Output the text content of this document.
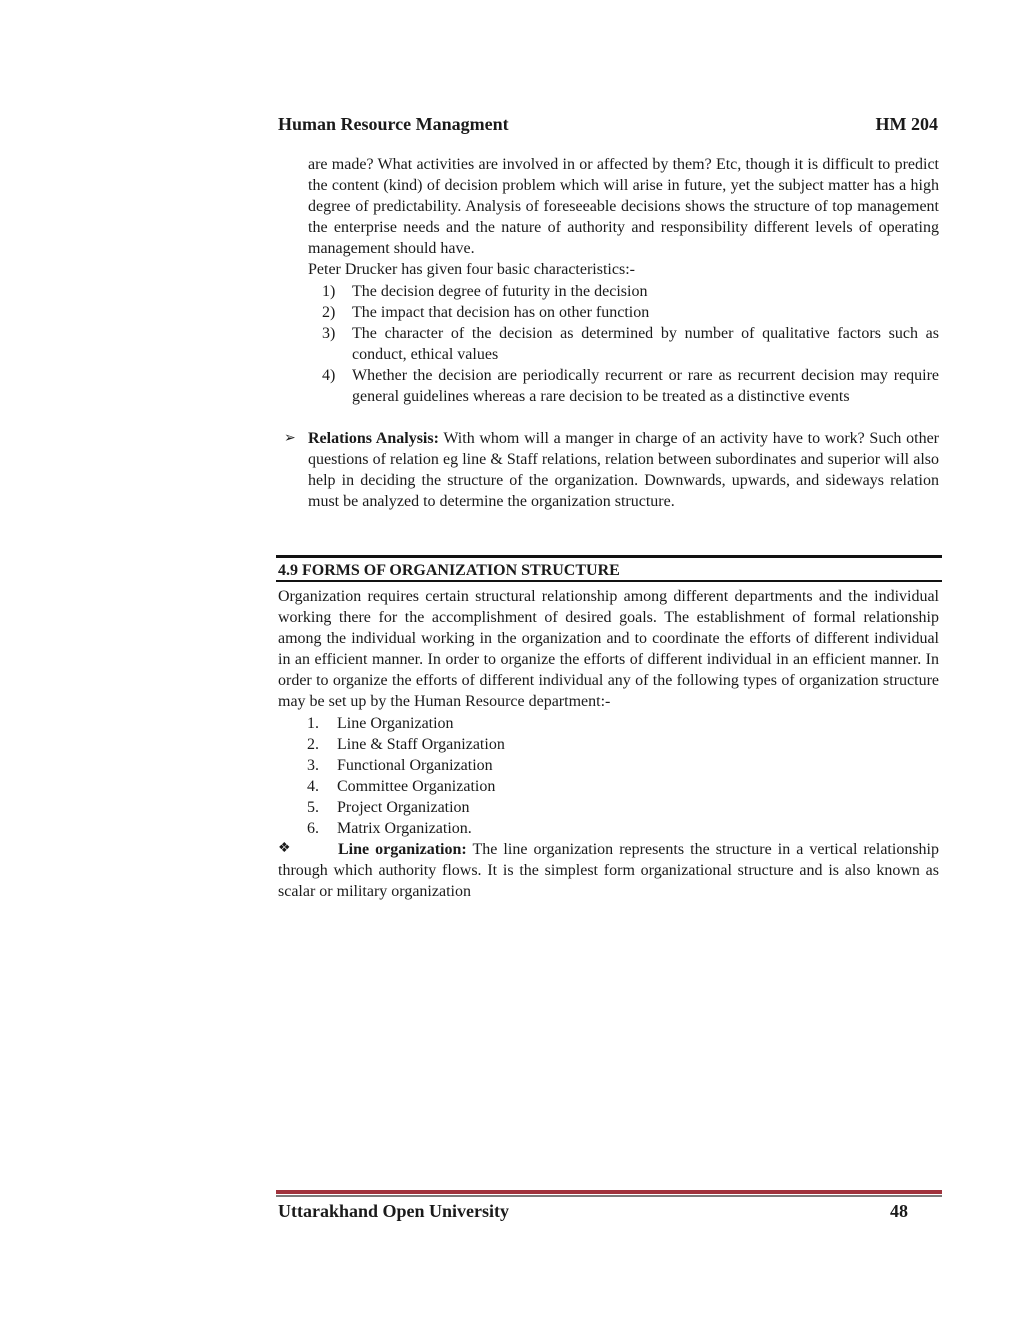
Human Resource Managment	HM 204

are made? What activities are involved in or affected by them? Etc, though it is difficult to predict the content (kind) of decision problem which will arise in future, yet the subject matter has a high degree of predictability. Analysis of foreseeable decisions shows the structure of top management the enterprise needs and the nature of authority and responsibility different levels of operating management should have.

Peter Drucker has given four basic characteristics:-

1) The decision degree of futurity in the decision
2) The impact that decision has on other function
3) The character of the decision as determined by number of qualitative factors such as conduct, ethical values
4) Whether the decision are periodically recurrent or rare as recurrent decision may require general guidelines whereas a rare decision to be treated as a distinctive events
➢ Relations Analysis: With whom will a manger in charge of an activity have to work? Such other questions of relation eg line & Staff relations, relation between subordinates and superior will also help in deciding the structure of the organization. Downwards, upwards, and sideways relation must be analyzed to determine the organization structure.

4.9 FORMS OF ORGANIZATION STRUCTURE

Organization requires certain structural relationship among different departments and the individual working there for the accomplishment of desired goals. The establishment of formal relationship among the individual working in the organization and to coordinate the efforts of different individual in an efficient manner. In order to organize the efforts of different individual in an efficient manner. In order to organize the efforts of different individual any of the following types of organization structure may be set up by the Human Resource department:-

1. Line Organization
2. Line & Staff Organization
3. Functional Organization
4. Committee Organization
5. Project Organization
6. Matrix Organization.
❖	Line organization: The line organization represents the structure in a vertical relationship through which authority flows. It is the simplest form organizational structure and is also known as scalar or military organization

Uttarakhand Open University	48
